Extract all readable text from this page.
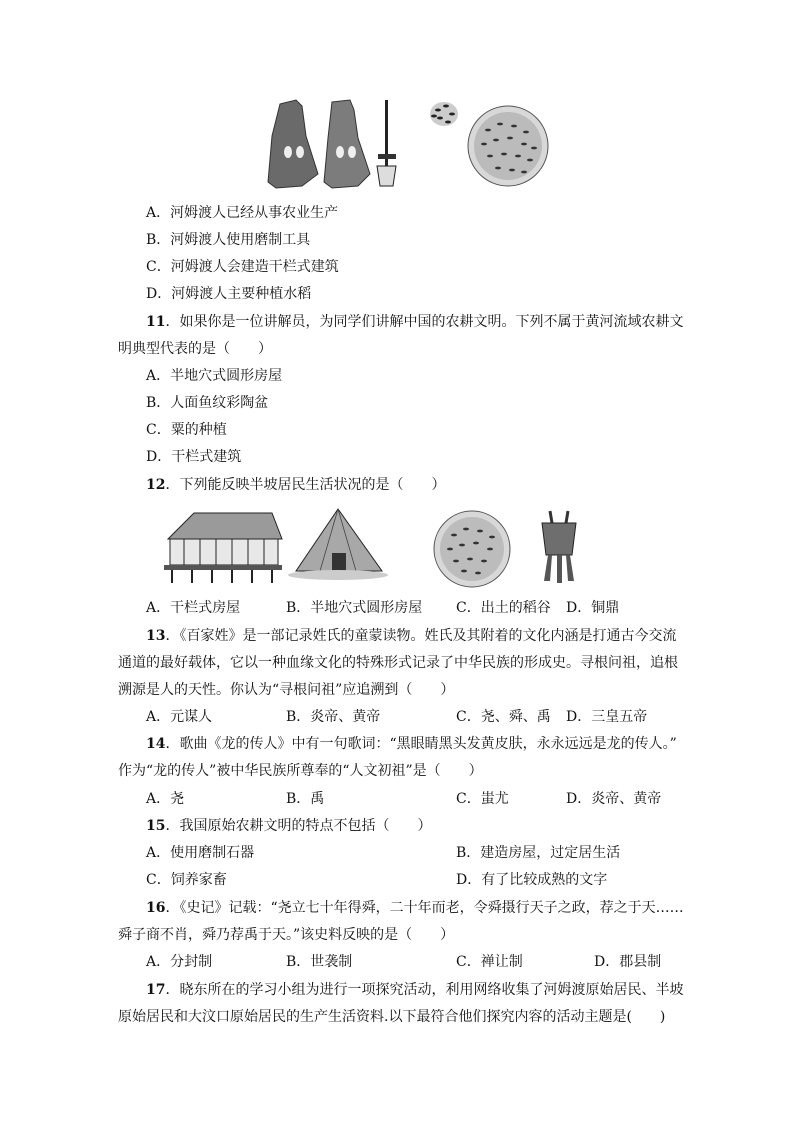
A．河姆渡人已经从事农业生产
B．河姆渡人使用磨制工具
C．河姆渡人会建造干栏式建筑
D．河姆渡人主要种植水稻
11．如果你是一位讲解员，为同学们讲解中国的农耕文明。下列不属于黄河流域农耕文
明典型代表的是（　　）
A．半地穴式圆形房屋
B．人面鱼纹彩陶盆
C．粟的种植
D．干栏式建筑
12．下列能反映半坡居民生活状况的是（　　）
A．干栏式房屋	B．半地穴式圆形房屋 C．出土的稻谷 D．铜鼎
13．《百家姓》是一部记录姓氏的童蒙读物。姓氏及其附着的文化内涵是打通古今交流
通道的最好载体，它以一种血缘文化的特殊形式记录了中华民族的形成史。寻根问祖，追根
溯源是人的天性。你认为“寻根问祖”应追溯到（　　）
A．元谋人	B．炎帝、黄帝	C．尧、舜、禹 D．三皇五帝
14．歌曲《龙的传人》中有一句歌词：“黑眼睛黑头发黄皮肤，永永远远是龙的传人。”
作为“龙的传人”被中华民族所尊奉的“人文初祖”是（　　）
A．尧	B．禹	C．蚩尤	D．炎帝、黄帝
15．我国原始农耕文明的特点不包括（　　）
A．使用磨制石器	B．建造房屋，过定居生活
C．饲养家畜	D．有了比较成熟的文字
16．《史记》记载：“尧立七十年得舜，二十年而老，令舜摄行天子之政，荐之于天……
舜子商不肖，舜乃荐禹于天。”该史料反映的是（　　）
A．分封制	B．世袭制	C．禅让制	D．郡县制
17．晓东所在的学习小组为进行一项探究活动，利用网络收集了河姆渡原始居民、半坡
原始居民和大汶口原始居民的生产生活资料.以下最符合他们探究内容的活动主题是(　　)
